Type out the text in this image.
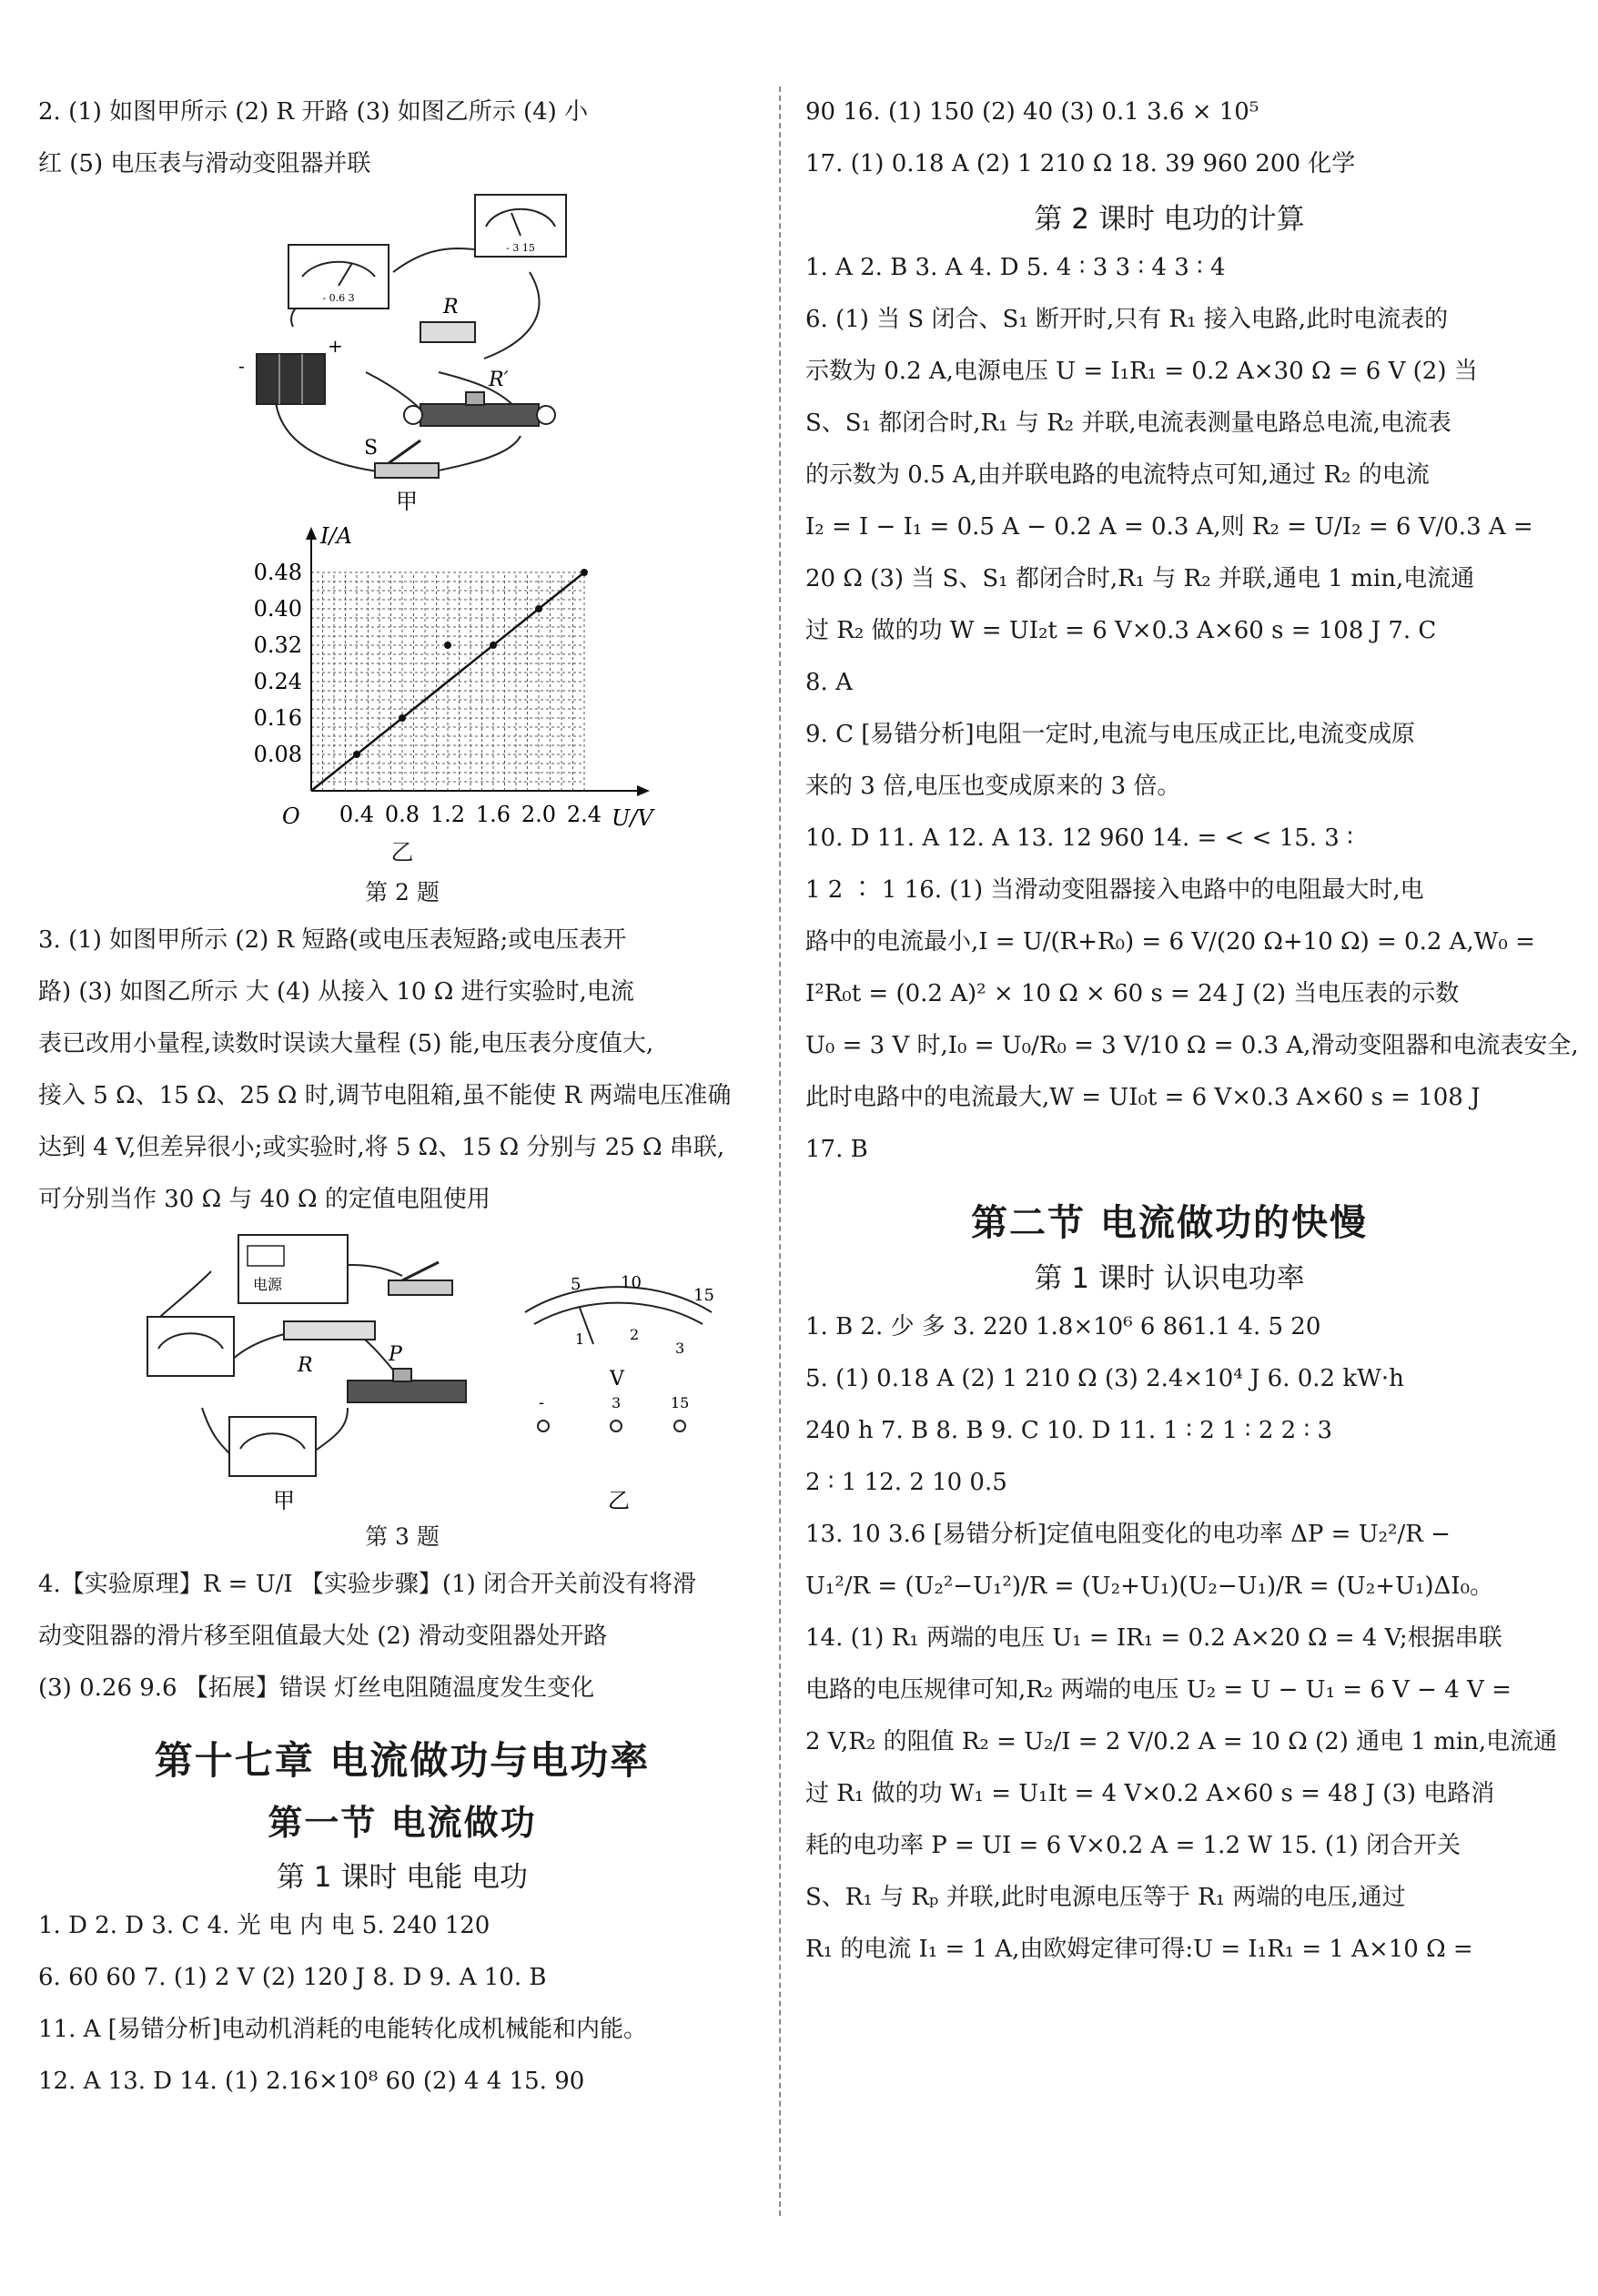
2. (1) 如图甲所示 (2) R 开路 (3) 如图乙所示 (4) 小

红 (5) 电压表与滑动变阻器并联

- 0.6 3
- 3 15
R
-
+
R′
S
甲
I/A
U/V
O
0.08
0.16
0.24
0.32
0.40
0.48
0.4 0.8 1.2 1.6 2.0 2.4

乙

第 2 题

3. (1) 如图甲所示 (2) R 短路(或电压表短路;或电压表开

路) (3) 如图乙所示 大 (4) 从接入 10 Ω 进行实验时,电流

表已改用小量程,读数时误读大量程 (5) 能,电压表分度值大,

接入 5 Ω、15 Ω、25 Ω 时,调节电阻箱,虽不能使 R 两端电压准确

达到 4 V,但差异很小;或实验时,将 5 Ω、15 Ω 分别与 25 Ω 串联,

可分别当作 30 Ω 与 40 Ω 的定值电阻使用

电源
R	P
甲
5 10
15
1	2
3
V
-	3	15
乙

第 3 题

4.【实验原理】R = U/I 【实验步骤】(1) 闭合开关前没有将滑

动变阻器的滑片移至阻值最大处 (2) 滑动变阻器处开路

(3) 0.26 9.6 【拓展】错误 灯丝电阻随温度发生变化

第十七章 电流做功与电功率

第一节 电流做功

第 1 课时 电能 电功

1. D 2. D 3. C 4. 光 电 内 电 5. 240 120

6. 60 60 7. (1) 2 V (2) 120 J 8. D 9. A 10. B

11. A [易错分析]电动机消耗的电能转化成机械能和内能。

12. A 13. D 14. (1) 2.16×10⁸ 60 (2) 4 4 15. 90

90 16. (1) 150 (2) 40 (3) 0.1 3.6 × 10⁵

17. (1) 0.18 A (2) 1 210 Ω 18. 39 960 200 化学

第 2 课时 电功的计算

1. A 2. B 3. A 4. D 5. 4 ∶ 3 3 ∶ 4 3 ∶ 4

6. (1) 当 S 闭合、S₁ 断开时,只有 R₁ 接入电路,此时电流表的

示数为 0.2 A,电源电压 U = I₁R₁ = 0.2 A×30 Ω = 6 V (2) 当

S、S₁ 都闭合时,R₁ 与 R₂ 并联,电流表测量电路总电流,电流表

的示数为 0.5 A,由并联电路的电流特点可知,通过 R₂ 的电流

I₂ = I − I₁ = 0.5 A − 0.2 A = 0.3 A,则 R₂ = U/I₂ = 6 V/0.3 A =

20 Ω (3) 当 S、S₁ 都闭合时,R₁ 与 R₂ 并联,通电 1 min,电流通

过 R₂ 做的功 W = UI₂t = 6 V×0.3 A×60 s = 108 J 7. C

8. A

9. C [易错分析]电阻一定时,电流与电压成正比,电流变成原

来的 3 倍,电压也变成原来的 3 倍。

10. D 11. A 12. A 13. 12 960 14. = < < 15. 3 ∶

1 2 ∶ 1 16. (1) 当滑动变阻器接入电路中的电阻最大时,电

路中的电流最小,I = U/(R+R₀) = 6 V/(20 Ω+10 Ω) = 0.2 A,W₀ =

I²R₀t = (0.2 A)² × 10 Ω × 60 s = 24 J (2) 当电压表的示数

U₀ = 3 V 时,I₀ = U₀/R₀ = 3 V/10 Ω = 0.3 A,滑动变阻器和电流表安全,

此时电路中的电流最大,W = UI₀t = 6 V×0.3 A×60 s = 108 J

17. B

第二节 电流做功的快慢

第 1 课时 认识电功率

1. B 2. 少 多 3. 220 1.8×10⁶ 6 861.1 4. 5 20

5. (1) 0.18 A (2) 1 210 Ω (3) 2.4×10⁴ J 6. 0.2 kW·h

240 h 7. B 8. B 9. C 10. D 11. 1 ∶ 2 1 ∶ 2 2 ∶ 3

2 ∶ 1 12. 2 10 0.5

13. 10 3.6 [易错分析]定值电阻变化的电功率 ΔP = U₂²/R −

U₁²/R = (U₂²−U₁²)/R = (U₂+U₁)(U₂−U₁)/R = (U₂+U₁)ΔI₀。

14. (1) R₁ 两端的电压 U₁ = IR₁ = 0.2 A×20 Ω = 4 V;根据串联

电路的电压规律可知,R₂ 两端的电压 U₂ = U − U₁ = 6 V − 4 V =

2 V,R₂ 的阻值 R₂ = U₂/I = 2 V/0.2 A = 10 Ω (2) 通电 1 min,电流通

过 R₁ 做的功 W₁ = U₁It = 4 V×0.2 A×60 s = 48 J (3) 电路消

耗的电功率 P = UI = 6 V×0.2 A = 1.2 W 15. (1) 闭合开关

S、R₁ 与 Rₚ 并联,此时电源电压等于 R₁ 两端的电压,通过

R₁ 的电流 I₁ = 1 A,由欧姆定律可得:U = I₁R₁ = 1 A×10 Ω =
